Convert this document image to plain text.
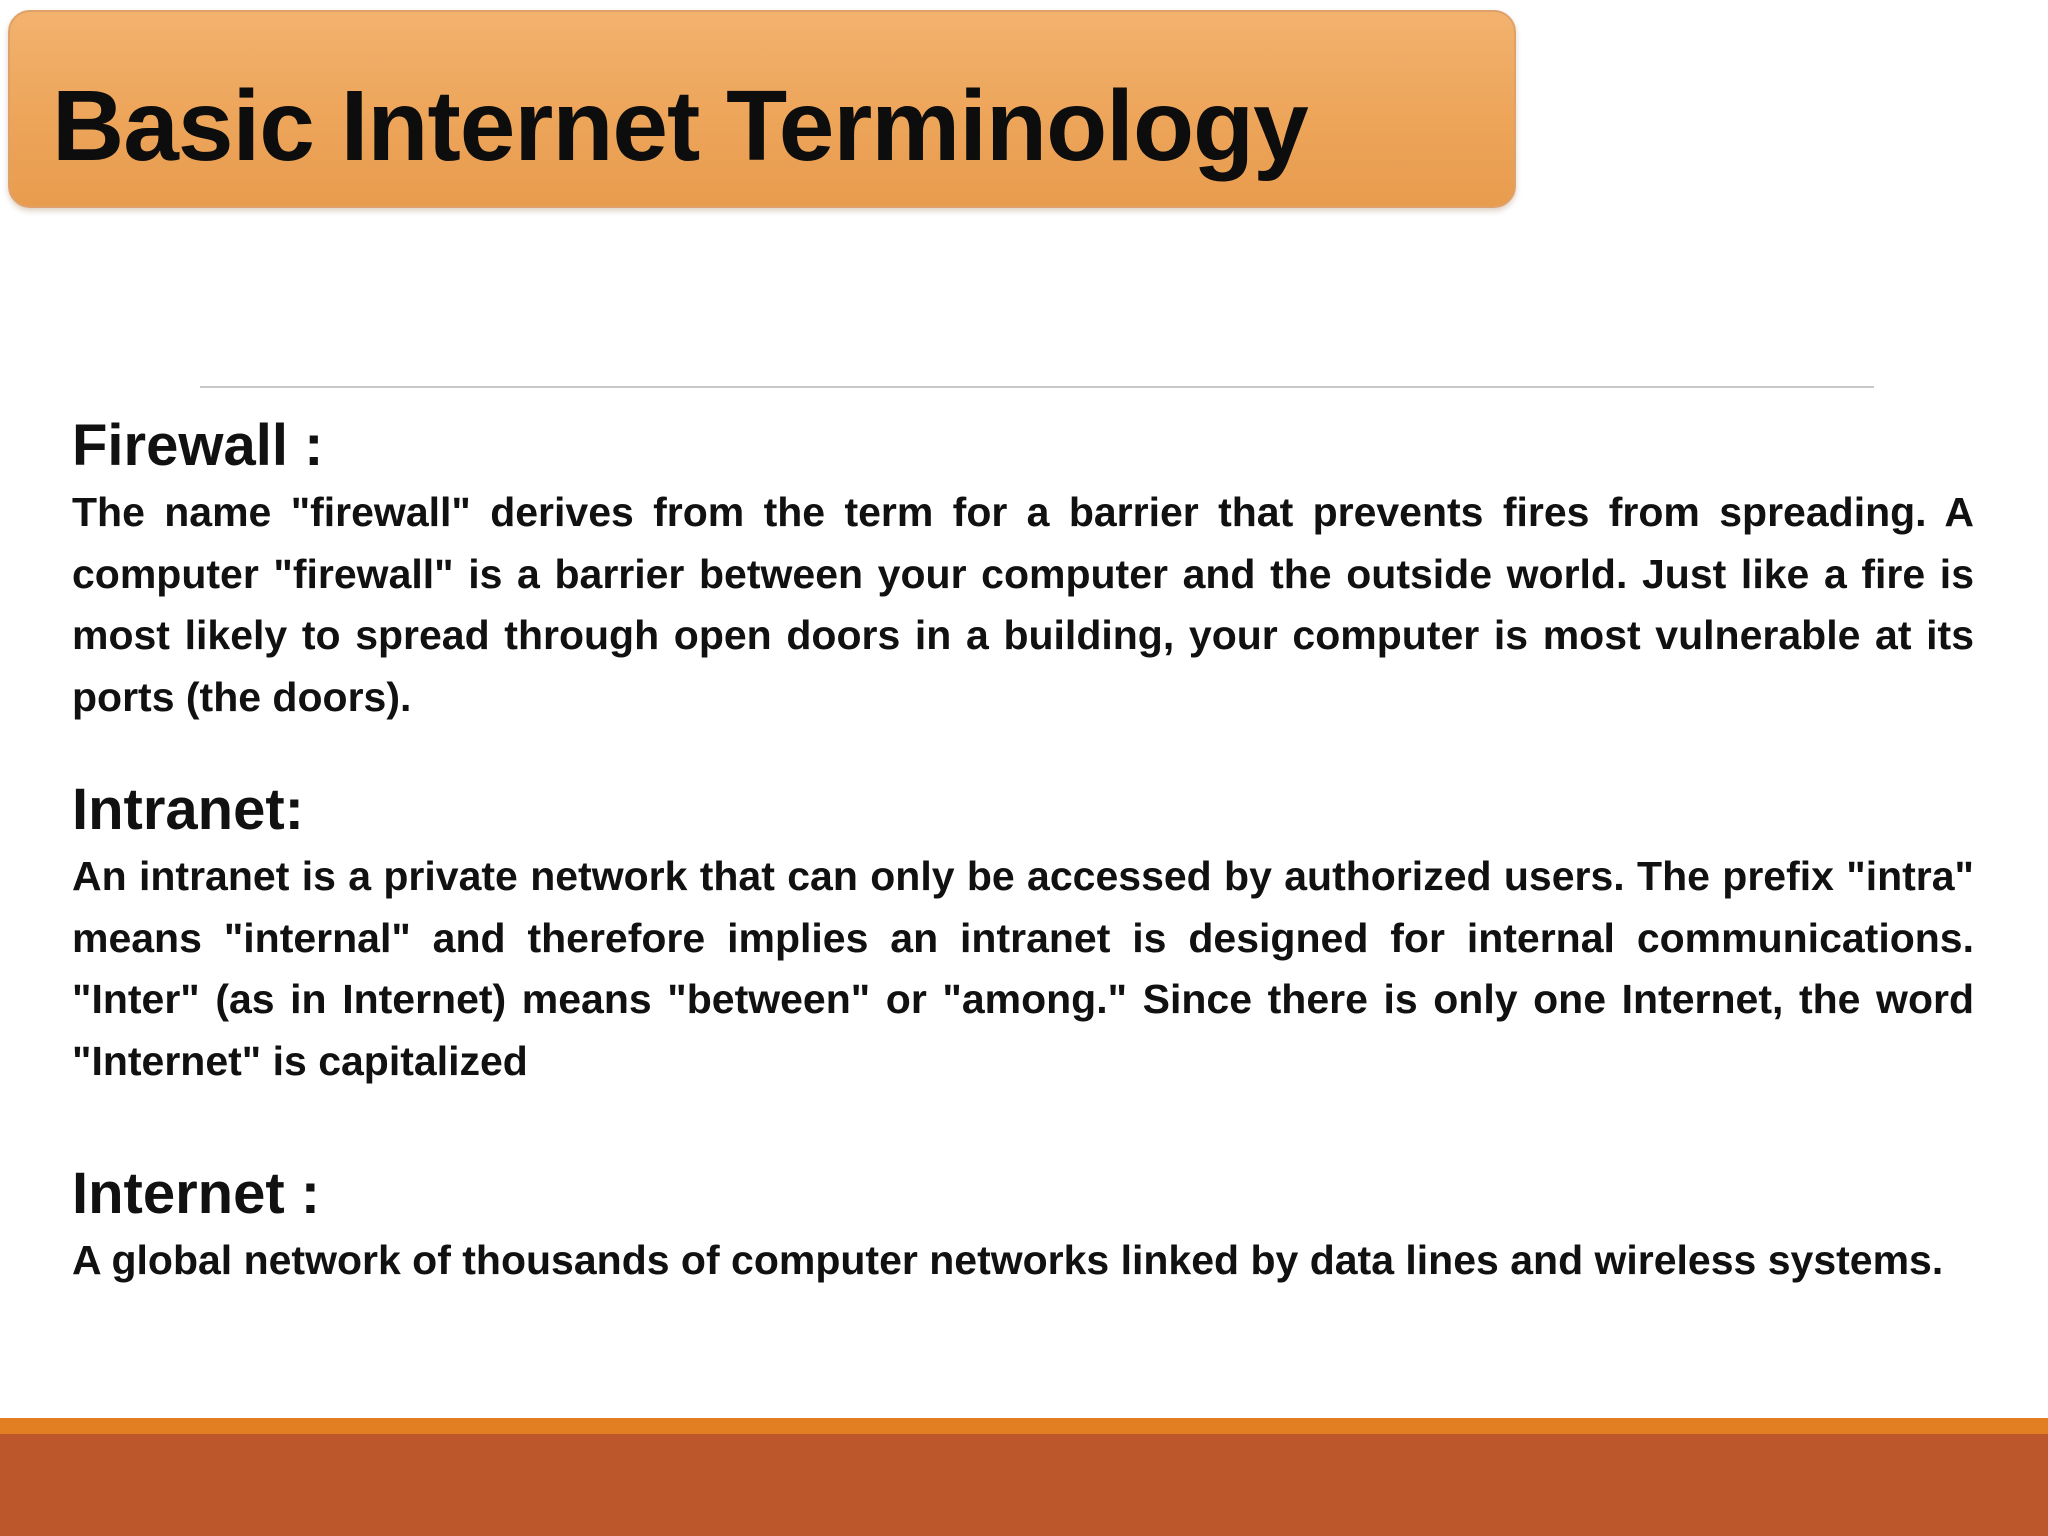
Basic Internet Terminology
Firewall :

The name "firewall" derives from the term for a barrier that prevents fires from spreading. A computer "firewall" is a barrier between your computer and the outside world. Just like a fire is most likely to spread through open doors in a building, your computer is most vulnerable at its ports (the doors).

Intranet:

An intranet is a private network that can only be accessed by authorized users. The prefix "intra" means "internal" and therefore implies an intranet is designed for internal communications. "Inter" (as in Internet) means "between" or "among." Since there is only one Internet, the word "Internet" is capitalized

Internet :

A global network of thousands of computer networks linked by data lines and wireless systems.
